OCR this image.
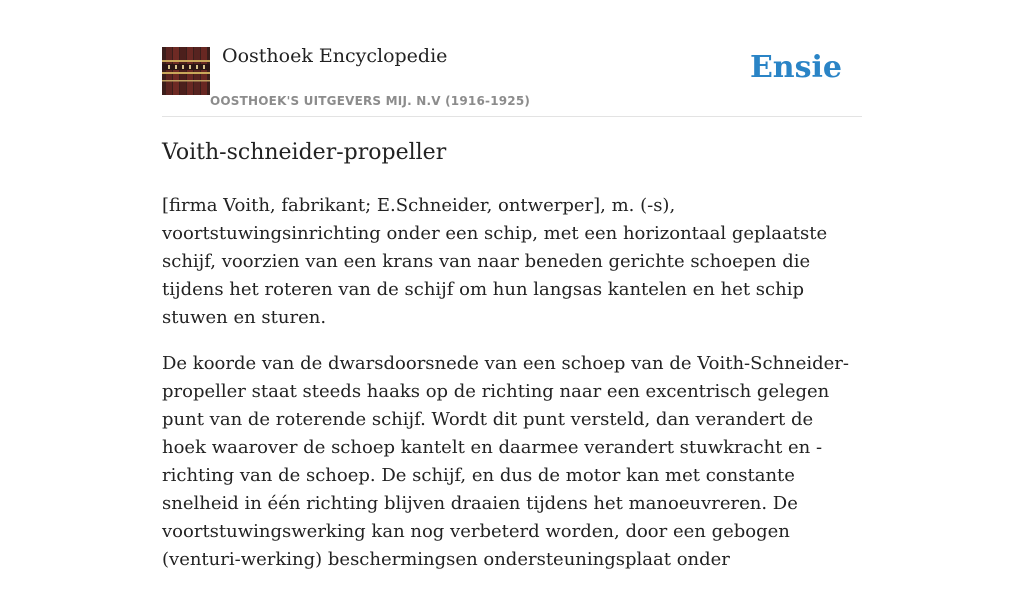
Oosthoek Encyclopedie
OOSTHOEK'S UITGEVERS MIJ. N.V (1916-1925)
Ensie
Voith-schneider-propeller

[firma Voith, fabrikant; E.Schneider, ontwerper], m. (-s), voortstuwingsinrichting onder een schip, met een horizontaal geplaatste schijf, voorzien van een krans van naar beneden gerichte schoepen die tijdens het roteren van de schijf om hun langsas kantelen en het schip stuwen en sturen.

De koorde van de dwarsdoorsnede van een schoep van de Voith-Schneider-propeller staat steeds haaks op de richting naar een excentrisch gelegen punt van de roterende schijf. Wordt dit punt versteld, dan verandert de hoek waarover de schoep kantelt en daarmee verandert stuwkracht en -richting van de schoep. De schijf, en dus de motor kan met constante snelheid in één richting blijven draaien tijdens het manoeuvreren. De voortstuwingswerking kan nog verbeterd worden, door een gebogen (venturi-werking) beschermingsen ondersteuningsplaat onder
